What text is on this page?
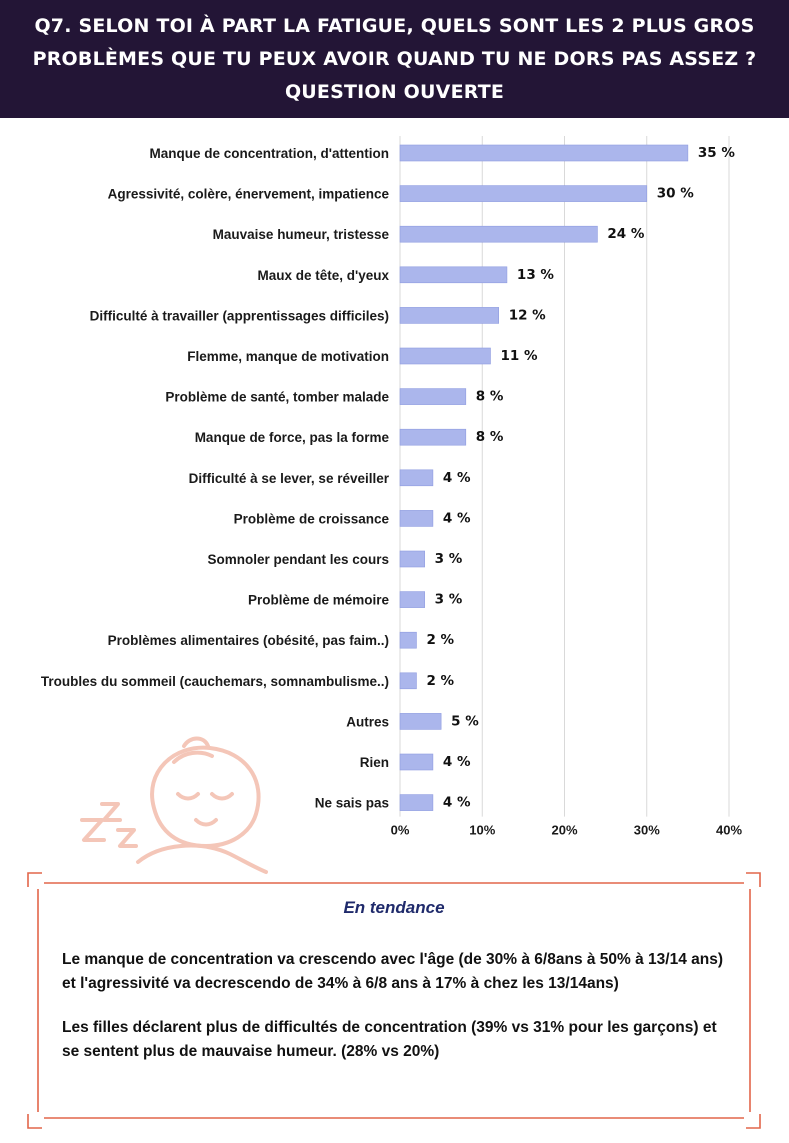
Q7. SELON TOI À PART LA FATIGUE, QUELS SONT LES 2 PLUS GROS
PROBLÈMES QUE TU PEUX AVOIR QUAND TU NE DORS PAS ASSEZ ?
QUESTION OUVERTE
Manque de concentration, d'attention
Agressivité, colère, énervement, impatience
Mauvaise humeur, tristesse
Maux de tête, d'yeux
Difficulté à travailler (apprentissages difficiles)
Flemme, manque de motivation
Problème de santé, tomber malade
Manque de force, pas la forme
Difficulté à se lever, se réveiller
Problème de croissance
Somnoler pendant les cours
Problème de mémoire
Problèmes alimentaires (obésité, pas faim..)
Troubles du sommeil (cauchemars, somnambulisme..)
Autres
Rien
Ne sais pas
35 %
30 %
24 %
13 %
12 %
11 %
8 %
8 %
4 %
4 %
3 %
3 %
2 %
2 %
5 %
4 %
4 %
0%	10%	20%	30%	40%
En tendance
Le manque de concentration va crescendo avec l'âge (de 30% à 6/8ans à 50% à 13/14 ans) et l'agressivité va decrescendo de 34% à 6/8 ans à 17% à chez les 13/14ans)
Les filles déclarent plus de difficultés de concentration (39% vs 31% pour les garçons) et se sentent plus de mauvaise humeur. (28% vs 20%)
